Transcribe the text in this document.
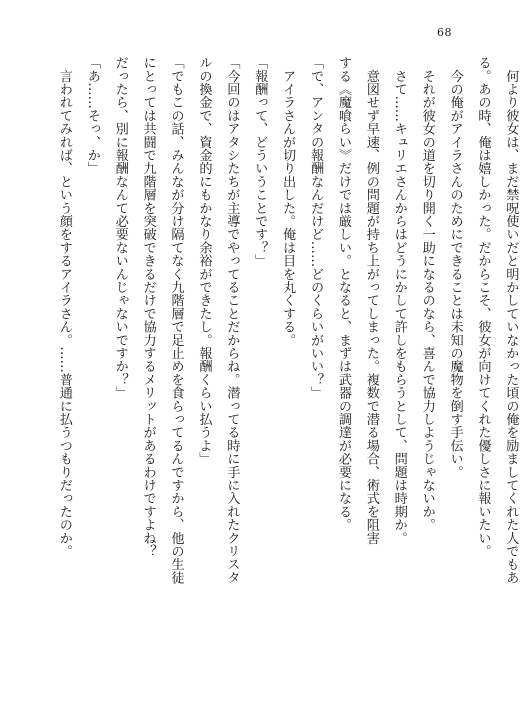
68

　何より彼女は、まだ禁呪使いだと明かしていなかった頃の俺を励ましてくれた人でもあ

る。あの時、俺は嬉しかった。だからこそ、彼女が向けてくれた優しさに報いたい。

　今の俺がアイラさんのためにできることは未知の魔物を倒す手伝い。

　それが彼女の道を切り開く一助になるのなら、喜んで協力しようじゃないか。

　さて……キュリエさんからはどうにかして許しをもらうとして、問題は時期か。

　意図せず早速、例の問題が持ち上がってしまった。複数で潜る場合、術式を阻害

する《魔喰らい》だけでは厳しい。となると、まずは武器の調達が必要になる。

「で、アンタの報酬なんだけど……どのくらいがいい？」

　アイラさんが切り出した。俺は目を丸くする。

「報酬って、どういうことです？」

「今回のはアタシたちが主導でやってることだからね。潜ってる時に手に入れたクリスタ

ルの換金で、資金的にもかなり余裕ができたし。報酬くらい払うよ」

「でもこの話、みんなが分け隔てなく九階層で足止めを食らってるんですから、他の生徒

にとっては共闘で九階層を突破できるだけで協力するメリットがあるわけですよね？

だったら、別に報酬なんて必要ないんじゃないですか？」

「あ……そっ、か」

　言われてみれば、という顔をするアイラさん。……普通に払うつもりだったのか。
